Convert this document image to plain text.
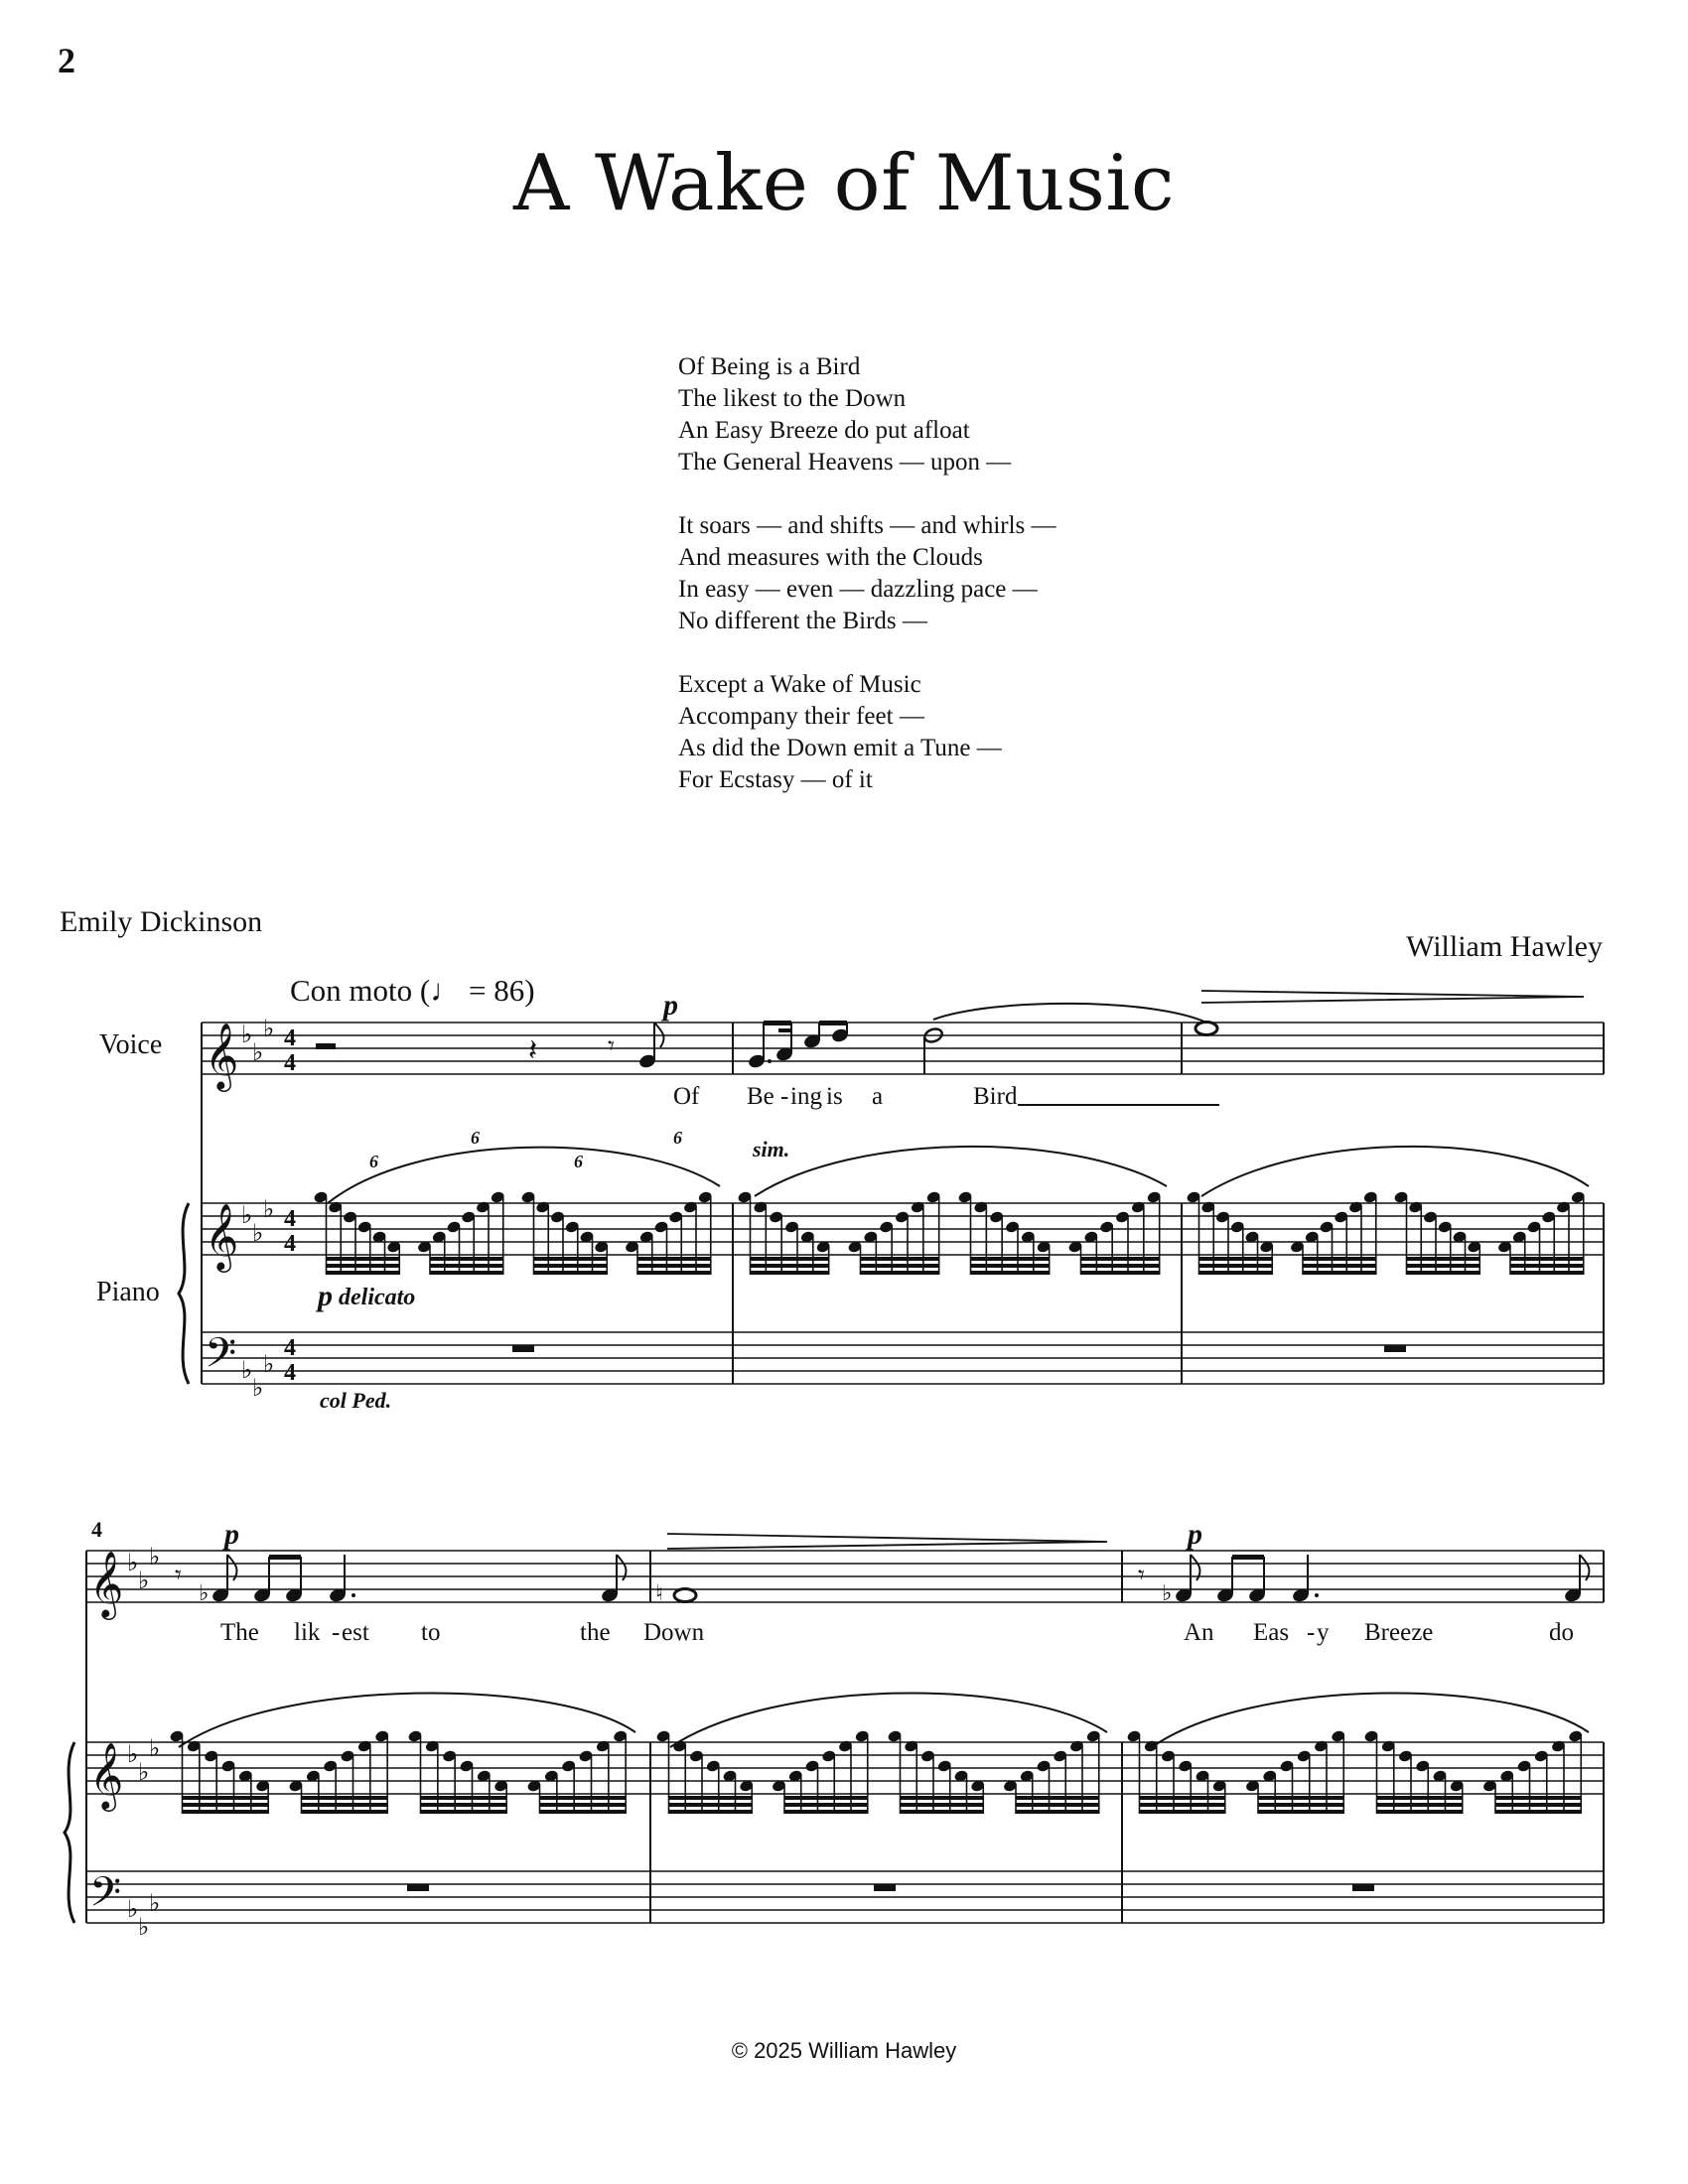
2
A Wake of Music
Of Being is a Bird
The likest to the Down
An Easy Breeze do put afloat
The General Heavens — upon —
It soars — and shifts — and whirls —
And measures with the Clouds
In easy — even — dazzling pace —
No different the Birds —
Except a Wake of Music
Accompany their feet —
As did the Down emit a Tune —
For Ecstasy — of it
Emily Dickinson
William Hawley
Con moto (♩ = 86)
Voice
Piano
𝄞
𝄞
𝄢
♭
♭
♭
♭
♭
♭
♭
♭
♭
4
4
4
4
4
4
𝄽	𝄾
Of Be - ing is a	Bird
p
p delicato
sim.
col Ped.
6
6
6
6
4
𝄞
𝄞
𝄢
♭
♭
♭
♭
♭
♭
♭
♭
♭
𝄾
♭	♮
𝄾
♭
p	p
The lik - est to	the Down	An Eas - y Breeze	do
© 2025 William Hawley
